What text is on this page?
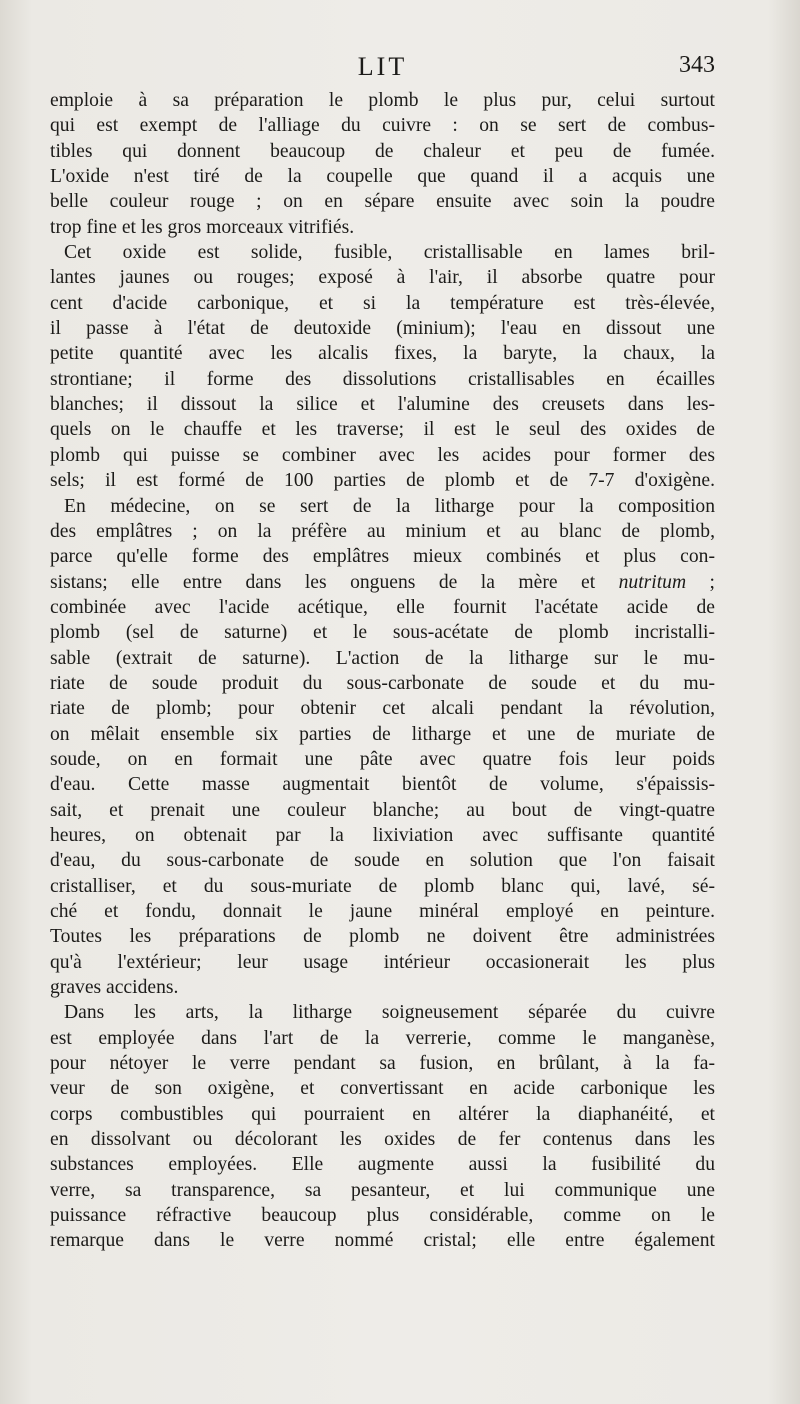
LIT	343

emploie à sa préparation le plomb le plus pur, celui surtout
qui est exempt de l'alliage du cuivre : on se sert de combus-
tibles qui donnent beaucoup de chaleur et peu de fumée.
L'oxide n'est tiré de la coupelle que quand il a acquis une
belle couleur rouge ; on en sépare ensuite avec soin la poudre
trop fine et les gros morceaux vitrifiés.

Cet oxide est solide, fusible, cristallisable en lames bril-
lantes jaunes ou rouges; exposé à l'air, il absorbe quatre pour
cent d'acide carbonique, et si la température est très-élevée,
il passe à l'état de deutoxide (minium); l'eau en dissout une
petite quantité avec les alcalis fixes, la baryte, la chaux, la
strontiane; il forme des dissolutions cristallisables en écailles
blanches; il dissout la silice et l'alumine des creusets dans les-
quels on le chauffe et les traverse; il est le seul des oxides de
plomb qui puisse se combiner avec les acides pour former des
sels; il est formé de 100 parties de plomb et de 7-7 d'oxigène.

En médecine, on se sert de la litharge pour la composition
des emplâtres ; on la préfère au minium et au blanc de plomb,
parce qu'elle forme des emplâtres mieux combinés et plus con-
sistans; elle entre dans les onguens de la mère et nutritum ;
combinée avec l'acide acétique, elle fournit l'acétate acide de
plomb (sel de saturne) et le sous-acétate de plomb incristalli-
sable (extrait de saturne). L'action de la litharge sur le mu-
riate de soude produit du sous-carbonate de soude et du mu-
riate de plomb; pour obtenir cet alcali pendant la révolution,
on mêlait ensemble six parties de litharge et une de muriate de
soude, on en formait une pâte avec quatre fois leur poids
d'eau. Cette masse augmentait bientôt de volume, s'épaissis-
sait, et prenait une couleur blanche; au bout de vingt-quatre
heures, on obtenait par la lixiviation avec suffisante quantité
d'eau, du sous-carbonate de soude en solution que l'on faisait
cristalliser, et du sous-muriate de plomb blanc qui, lavé, sé-
ché et fondu, donnait le jaune minéral employé en peinture.
Toutes les préparations de plomb ne doivent être administrées
qu'à l'extérieur; leur usage intérieur occasionerait les plus
graves accidens.

Dans les arts, la litharge soigneusement séparée du cuivre
est employée dans l'art de la verrerie, comme le manganèse,
pour nétoyer le verre pendant sa fusion, en brûlant, à la fa-
veur de son oxigène, et convertissant en acide carbonique les
corps combustibles qui pourraient en altérer la diaphanéité, et
en dissolvant ou décolorant les oxides de fer contenus dans les
substances employées. Elle augmente aussi la fusibilité du
verre, sa transparence, sa pesanteur, et lui communique une
puissance réfractive beaucoup plus considérable, comme on le
remarque dans le verre nommé cristal; elle entre également
